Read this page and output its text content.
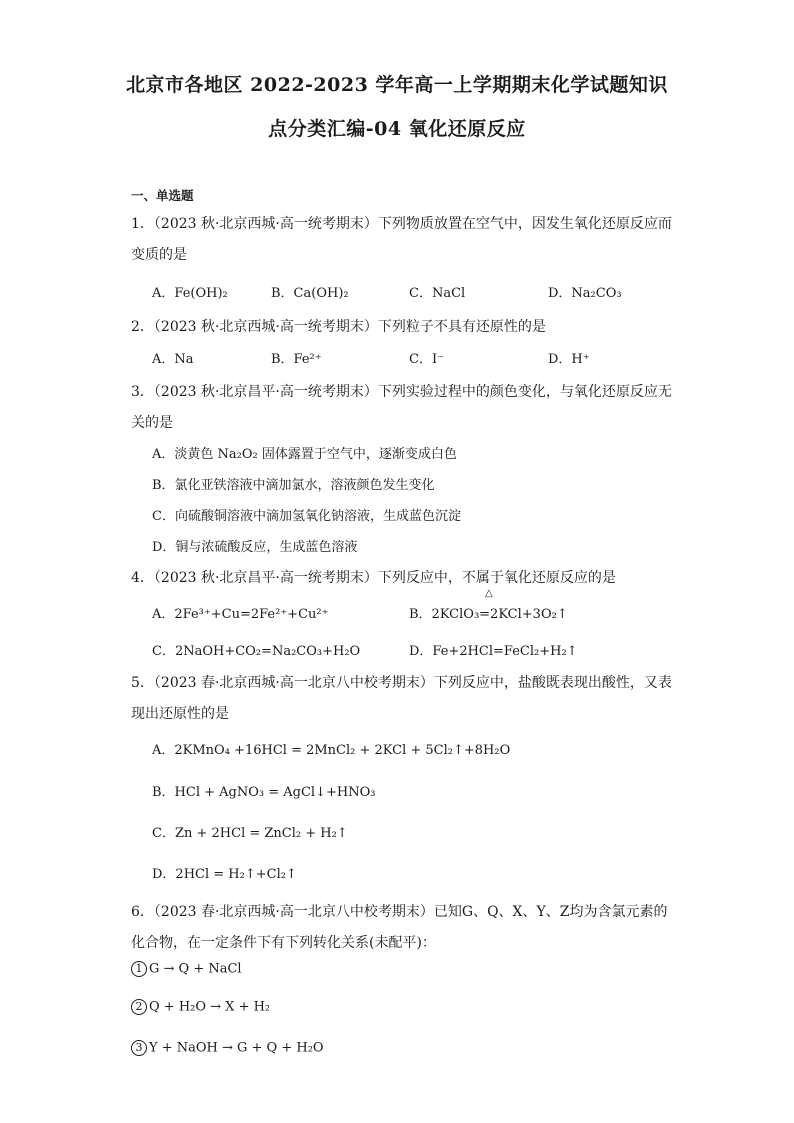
北京市各地区 2022-2023 学年高一上学期期末化学试题知识
点分类汇编-04 氧化还原反应
一、单选题
1．（2023 秋·北京西城·高一统考期末）下列物质放置在空气中，因发生氧化还原反应而
变质的是
A．Fe(OH)₂	B．Ca(OH)₂	C．NaCl	D．Na₂CO₃
2．（2023 秋·北京西城·高一统考期末）下列粒子不具有还原性的是
A．Na	B．Fe²⁺	C．I⁻	D．H⁺
3．（2023 秋·北京昌平·高一统考期末）下列实验过程中的颜色变化，与氧化还原反应无
关的是
A．淡黄色 Na₂O₂ 固体露置于空气中，逐渐变成白色
B．氯化亚铁溶液中滴加氯水，溶液颜色发生变化
C．向硫酸铜溶液中滴加氢氧化钠溶液，生成蓝色沉淀
D．铜与浓硫酸反应，生成蓝色溶液
4．（2023 秋·北京昌平·高一统考期末）下列反应中，不属于氧化还原反应的是
A．2Fe³⁺+Cu=2Fe²⁺+Cu²⁺	B．2KClO₃=2KCl+3O₂↑
C．2NaOH+CO₂=Na₂CO₃+H₂O	D．Fe+2HCl=FeCl₂+H₂↑
5．（2023 春·北京西城·高一北京八中校考期末）下列反应中，盐酸既表现出酸性，又表
现出还原性的是
A．2KMnO₄ +16HCl = 2MnCl₂ + 2KCl + 5Cl₂↑+8H₂O
B．HCl + AgNO₃ = AgCl↓+HNO₃
C．Zn + 2HCl = ZnCl₂ + H₂↑
D．2HCl = H₂↑+Cl₂↑
6．（2023 春·北京西城·高一北京八中校考期末）已知G、Q、X、Y、Z均为含氯元素的
化合物，在一定条件下有下列转化关系(未配平)：
1 G → Q + NaCl
2 Q + H₂O → X + H₂
3 Y + NaOH → G + Q + H₂O
